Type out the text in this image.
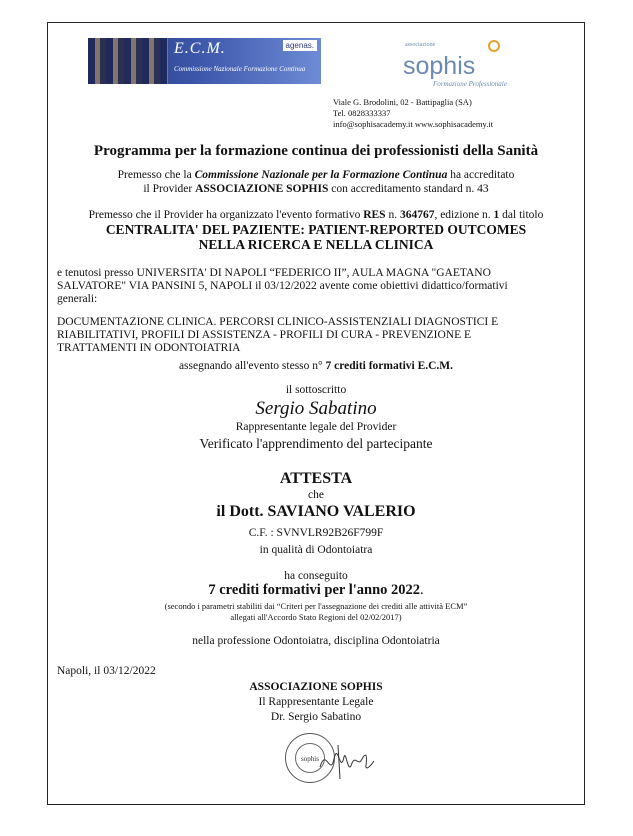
E.C.M.
Commissione Nazionale Formazione Continua
agenas.	associazione
sophis
Formazione Professionale
Viale G. Brodolini, 02 - Battipaglia (SA)
Tel. 0828333337
info@sophisacademy.it www.sophisacademy.it
Programma per la formazione continua dei professionisti della Sanità
Premesso che la Commissione Nazionale per la Formazione Continua ha accreditato
il Provider ASSOCIAZIONE SOPHIS con accreditamento standard n. 43
Premesso che il Provider ha organizzato l'evento formativo RES n. 364767, edizione n. 1 dal titolo
CENTRALITA' DEL PAZIENTE: PATIENT-REPORTED OUTCOMES
NELLA RICERCA E NELLA CLINICA
e tenutosi presso UNIVERSITA' DI NAPOLI “FEDERICO II”, AULA MAGNA "GAETANO
SALVATORE" VIA PANSINI 5, NAPOLI il 03/12/2022 avente come obiettivi didattico/formativi
generali:
DOCUMENTAZIONE CLINICA. PERCORSI CLINICO-ASSISTENZIALI DIAGNOSTICI E
RIABILITATIVI, PROFILI DI ASSISTENZA - PROFILI DI CURA - PREVENZIONE E
TRATTAMENTI IN ODONTOIATRIA
assegnando all'evento stesso n° 7 crediti formativi E.C.M.
il sottoscritto
Sergio Sabatino
Rappresentante legale del Provider
Verificato l'apprendimento del partecipante
ATTESTA
che
il Dott. SAVIANO VALERIO
C.F. : SVNVLR92B26F799F
in qualità di Odontoiatra
ha conseguito
7 crediti formativi per l'anno 2022.
(secondo i parametri stabiliti dai “Criteri per l'assegnazione dei crediti alle attività ECM”
allegati all'Accordo Stato Regioni del 02/02/2017)
nella professione Odontoiatra, disciplina Odontoiatria
Napoli, il 03/12/2022
ASSOCIAZIONE SOPHIS
Il Rappresentante Legale
Dr. Sergio Sabatino
sophis
